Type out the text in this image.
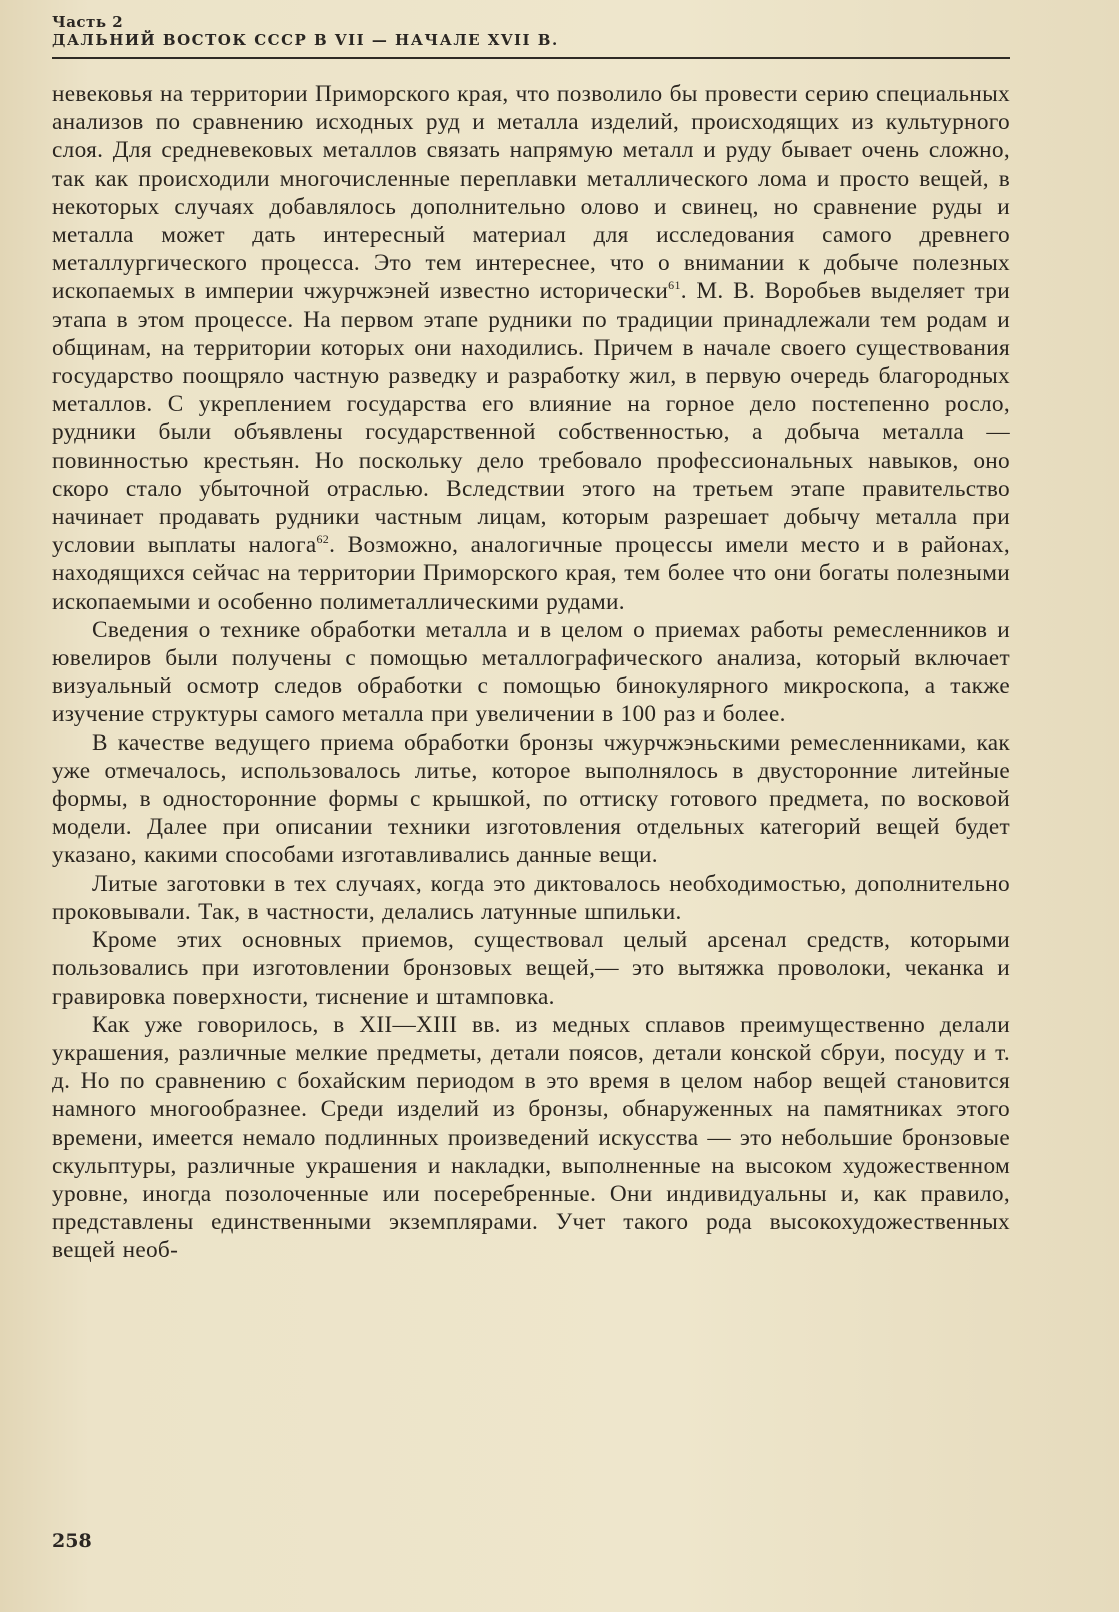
Часть 2
ДАЛЬНИЙ ВОСТОК СССР В VII — НАЧАЛЕ XVII В.

невековья на территории Приморского края, что позволило бы провести серию специальных анализов по сравнению исходных руд и металла изделий, происходящих из культурного слоя. Для средневековых металлов связать напрямую металл и руду бывает очень сложно, так как происходили многочисленные переплавки металлического лома и просто вещей, в некоторых случаях добавлялось дополнительно олово и свинец, но сравнение руды и металла может дать интересный материал для исследования самого древнего металлургического процесса. Это тем интереснее, что о внимании к добыче полезных ископаемых в империи чжурчжэней известно исторически$^{61}$. М. В. Воробьев выделяет три этапа в этом процессе. На первом этапе рудники по традиции принадлежали тем родам и общинам, на территории которых они находились. Причем в начале своего существования государство поощряло частную разведку и разработку жил, в первую очередь благородных металлов. С укреплением государства его влияние на горное дело постепенно росло, рудники были объявлены государственной собственностью, а добыча металла — повинностью крестьян. Но поскольку дело требовало профессиональных навыков, оно скоро стало убыточной отраслью. Вследствии этого на третьем этапе правительство начинает продавать рудники частным лицам, которым разрешает добычу металла при условии выплаты налога$^{62}$. Возможно, аналогичные процессы имели место и в районах, находящихся сейчас на территории Приморского края, тем более что они богаты полезными ископаемыми и особенно полиметаллическими рудами.

Сведения о технике обработки металла и в целом о приемах работы ремесленников и ювелиров были получены с помощью металлографического анализа, который включает визуальный осмотр следов обработки с помощью бинокулярного микроскопа, а также изучение структуры самого металла при увеличении в 100 раз и более.

В качестве ведущего приема обработки бронзы чжурчжэньскими ремесленниками, как уже отмечалось, использовалось литье, которое выполнялось в двусторонние литейные формы, в односторонние формы с крышкой, по оттиску готового предмета, по восковой модели. Далее при описании техники изготовления отдельных категорий вещей будет указано, какими способами изготавливались данные вещи.

Литые заготовки в тех случаях, когда это диктовалось необходимостью, дополнительно проковывали. Так, в частности, делались латунные шпильки.

Кроме этих основных приемов, существовал целый арсенал средств, которыми пользовались при изготовлении бронзовых вещей,— это вытяжка проволоки, чеканка и гравировка поверхности, тиснение и штамповка.

Как уже говорилось, в XII—XIII вв. из медных сплавов преимущественно делали украшения, различные мелкие предметы, детали поясов, детали конской сбруи, посуду и т. д. Но по сравнению с бохайским периодом в это время в целом набор вещей становится намного многообразнее. Среди изделий из бронзы, обнаруженных на памятниках этого времени, имеется немало подлинных произведений искусства — это небольшие бронзовые скульптуры, различные украшения и накладки, выполненные на высоком художественном уровне, иногда позолоченные или посеребренные. Они индивидуальны и, как правило, представлены единственными экземплярами. Учет такого рода высокохудожественных вещей необ-

258
